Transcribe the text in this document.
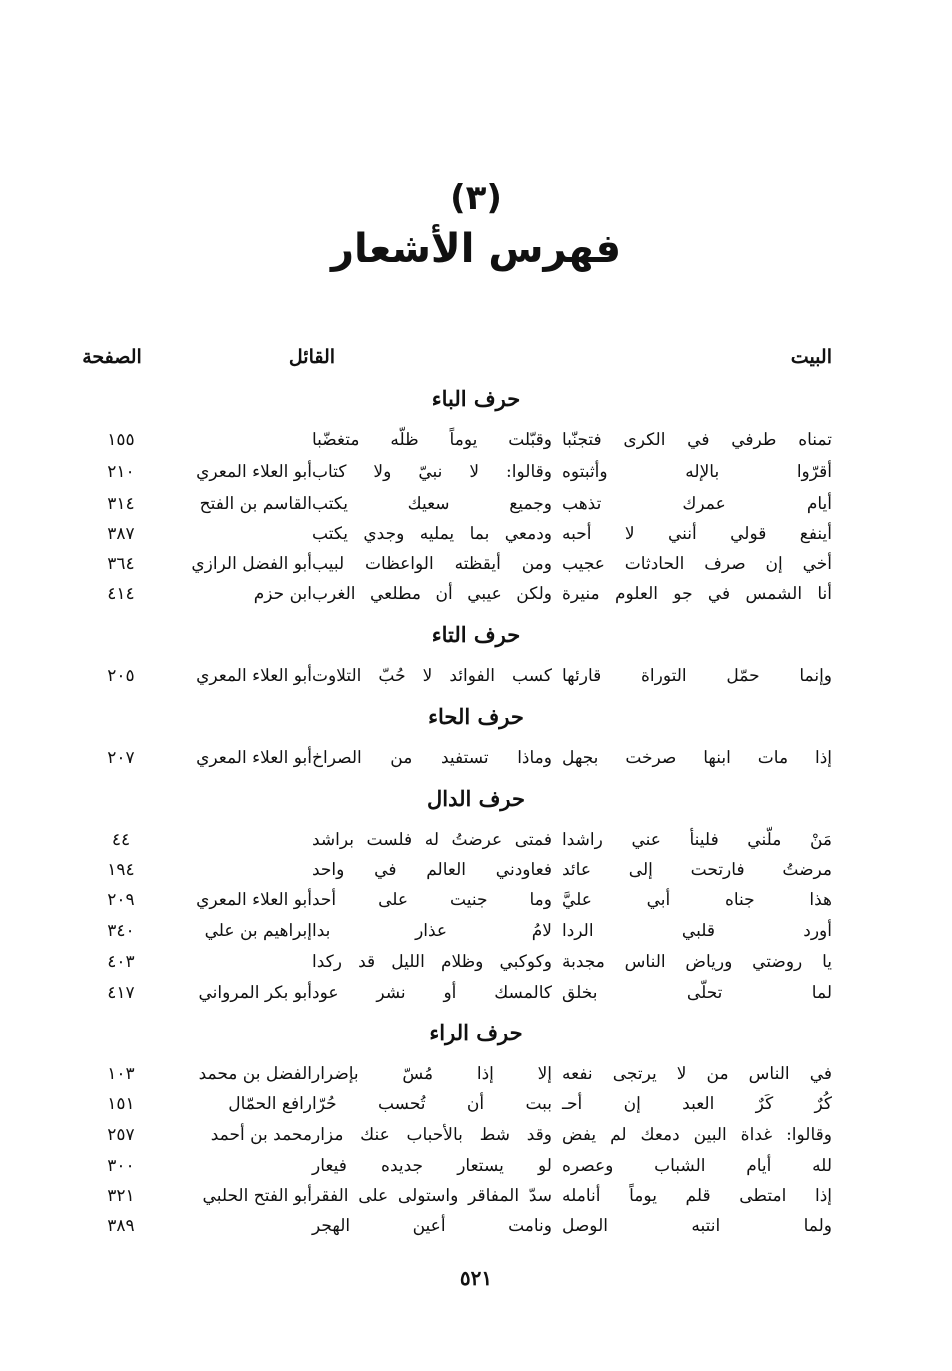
(٣)
فهرس الأشعار
البيت
القائل
الصفحة
حرف الباء
تمناه طرفي في الكرى فتجنّبا
وقبّلت يوماً ظلّه متغضّبا
١٥٥
أقرّوا بالإله وأثبتوه
وقالوا: لا نبيّ ولا كتاب
أبو العلاء المعري
٢١٠
أيام عمرك تذهب
وجميع سعيك يكتب
القاسم بن الفتح
٣١٤
أينفع قولي أنني لا أحبه
ودمعي بما يمليه وجدي يكتب
٣٨٧
أخي إن صرف الحادثات عجيب
ومن أيقظته الواعظات لبيب
أبو الفضل الرازي
٣٦٤
أنا الشمس في جو العلوم منيرة
ولكن عيبي أن مطلعي الغرب
ابن حزم
٤١٤
حرف التاء
وإنما حمّل التوراة قارئها
كسب الفوائد لا حُبّ التلاوت
أبو العلاء المعري
٢٠٥
حرف الحاء
إذا مات ابنها صرخت بجهل
وماذا تستفيد من الصراخ
أبو العلاء المعري
٢٠٧
حرف الدال
مَنْ ملّني فلينأ عني راشدا
فمتى عرضتُ له فلست براشد
٤٤
مرضتُ فارتحت إلى عائد
فعاودني العالم في واحد
١٩٤
هذا جناه أبي عليَّ
وما جنيت على أحد
أبو العلاء المعري
٢٠٩
أورد قلبي الردا
لامُ عذار بدا
إبراهيم بن علي
٣٤٠
يا روضتي ورياض الناس مجدبة
وكوكبي وظلام الليل قد ركدا
٤٠٣
لما تحلّى بخلق
كالمسك أو نشر عود
أبو بكر المرواني
٤١٧
حرف الراء
في الناس من لا يرتجى نفعه
إلا إذا مُسّ بإضرار
الفضل بن محمد
١٠٣
كُرٌ كَرٌ العبد إن أحـ
ببت أن تُحسب حُرّا
رافع الحمّال
١٥١
وقالوا: غداة البين دمعك لم يفض
وقد شط بالأحباب عنك مزار
محمد بن أحمد
٢٥٧
لله أيام الشباب وعصره
لو يستعار جديده فيعار
٣٠٠
إذا امتطى قلم يوماً أنامله
سدّ المفاقر واستولى على الفقر
أبو الفتح الحلبي
٣٢١
ولما انتبه الوصل
ونامت أعين الهجر
٣٨٩
٥٢١
